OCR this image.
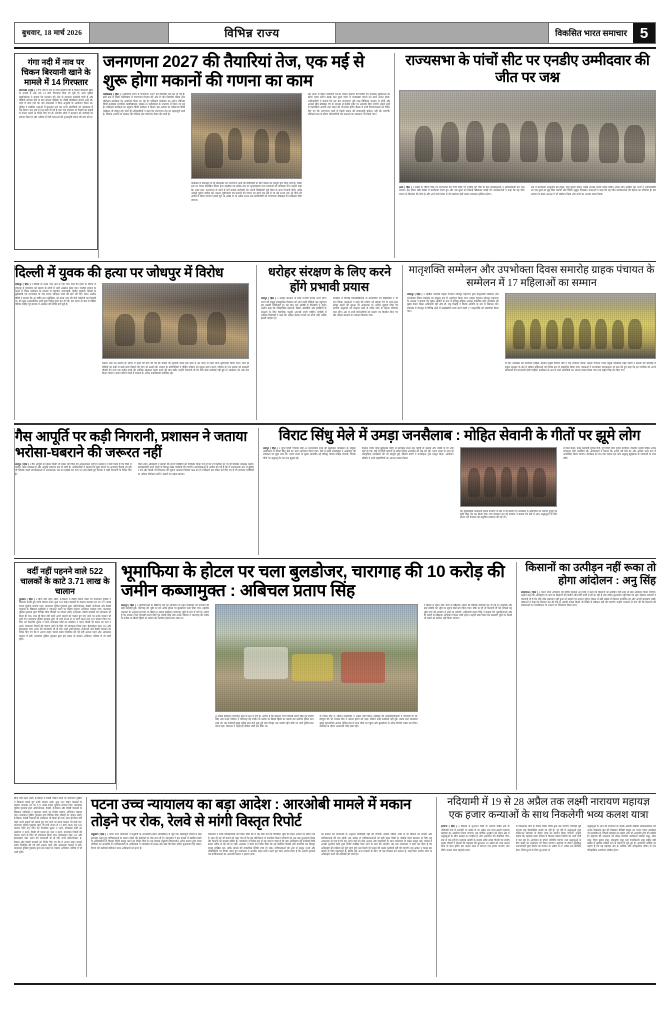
बुधवार, 18 मार्च 2026	विभिन्न राज्य	विकसित भारत समाचार 5
गंगा नदी में नाव पर चिकन बिरयानी खाने के मामले में 14 गिरफ्तार
वाराणसी ( हिस ) । गंगा नदी में नाव पर रील इत्यादि नदी में चिकन बिरयानी खाने के मामले में अब तक 14 लोग गिरफ्तार किए जा चुके हैं। अपर पुलिस महानिदेशक ने बताया कि प्रशासन की ओर से लगातार कार्रवाई जारी है और वीडियो वायरल होने के बाद सोशल मीडिया पर तीखी प्रतिक्रिया सामने आई थी। जांच में पाया गया कि नाव संचालकों ने बिना अनुमति के आयोजन किया था। पुलिस ने संबंधित धाराओं में मुकदमा दर्ज कर सभी आरोपियों को न्यायालय में पेश किया। घाट क्षेत्र में गश्त बढ़ा दी गई है तथा नाव संचालन के नियमों का कड़ाई से पालन कराने के निर्देश दिए गए हैं। स्थानीय लोगों ने प्रशासन की कार्रवाई का स्वागत किया है और भविष्य में ऐसी घटनाओं की पुनरावृत्ति रोकने की मांग की है।
जनगणना 2027 की तैयारियां तेज, एक मई से शुरू होगा मकानों की गणना का काम
फरीदाबाद ( हिस ) । हरियाणा राज्य में जनगणना 2027 की तैयारियां तेज कर दी गई हैं। इसी क्रम में जिला फरीदाबाद में जनगणना विभाग की ओर से तीन दिवसीय फील्ड ट्रेनर प्रशिक्षण कार्यक्रम का आयोजन किया जा रहा है। प्रशिक्षण कार्यक्रम का आरंभ सीनियर डिप्टी कलेक्टर राजकीय महाविद्यालय, सेक्टर-16 फरीदाबाद के सभागार में किया जा रहा है। प्रशिक्षण कार्यक्रम का उद्घाटन डिप्टी कमिश्नर ने किया। इस अवसर पर एडीशनल डिप्टी कमिश्नर भी मौजूद रहे। दोनों ही अधिकारियों ने कहा कि जनगणना देश का महत्वपूर्ण कार्य है, जिसके आधार पर सरकार की नीतियां और योजनाएं तैयार की जाती हैं।
कार्यक्रम में प्रशिक्षण ले रहे प्रशिक्षकों को जनगणना कार्य की बारीकियों के लिए फील्ड का सम्पूर्ण ज्ञान दिया जाएगा। जिला स्तर पर तैनात प्रशिक्षित फील्ड ट्रेनर तहसील एवं ब्लॉक स्तर पर सुपरवाइजर तथा प्रगणकों को प्रशिक्षण देंगे। उन्होंने कहा कि आज प्रात: जनगणना के कार्य में लगे प्रत्येक कर्मचारी को अपनी जिम्मेदारी पूरी निष्ठा के साथ निभानी होगी, ताकि आंकड़े पूर्णतः सटीक रहें। मकान सूचीकरण एवं मकानों की गणना का कार्य एक मई से 30 मई 2026 तक 30 दिनों की अवधि में किया जाएगा। इससे पूर्व 16 अप्रैल से 30 अप्रैल 2026 तक कर्मचारियों को जनगणना मोबाइल ऐप प्रशिक्षण दिया जाएगा।
मई 2026 में दौरान कर्मचारी घर-घर जाकर मकानों की स्थिति एवं उपलब्ध सुविधाओं का ब्योरा एकत्र करेंगे। इसके बाद दूसरे चरण में जनसंख्या गणना का कार्य आरंभ होगा। अधिकारियों ने बताया कि इस बार जनगणना पूरी तरह डिजिटल माध्यम से होगी और आंकड़े सीधे मोबाइल ऐप के माध्यम से केंद्रीय सर्वर पर अपलोड किए जाएंगे। इससे कार्य में पारदर्शिता आएगी तथा समय की भी बचत होगी। बैठक में सभी विभागाध्यक्षों को निर्देश दिए गए कि जनगणना कार्य में किसी प्रकार की लापरवाही बर्दाश्त नहीं की जाएगी। प्रशिक्षण सत्र के दौरान प्रतिभागियों की शंकाओं का समाधान भी किया गया।
राज्यसभा के पांचों सीट पर एनडीए उम्मीदवार की जीत पर जश्न
आरा ( हिस ) । प्रखंड के चौरंगा चौक पर राज्यसभा की पांचों सीटों पर एनडीए की जीत के बाद कार्यकर्ताओं ने आतिशबाजी कर जश्न मनाया। इस दौरान बड़ी संख्या में कार्यकर्ता एकत्र हुए और एक-दूसरे को मिठाई खिलाकर बधाई दी। कार्यकर्ताओं ने कहा कि यह जीत जनता के विश्वास की जीत है और आने वाले समय में भी गठबंधन इसी प्रकार सफलता हासिल करेगा।
जश्न में कार्यकर्ता आशुतोष झा राहुल, राजू कुमार यादव, प्रखंड अध्यक्ष संजय यादव सहित अनेक लोग शामिल रहे। सभी ने आतिशबाजी कर एक-दूसरे का मुंह मीठा कराया और विजय जुलूस निकाला। वक्ताओं ने कहा कि यह जीत कार्यकर्ताओं की मेहनत का परिणाम है। इस अवसर पर मंडल अध्यक्ष ने भी संबोधन किया और सभी का आभार प्रकट किया।
दिल्ली में युवक की हत्या पर जोधपुर में विरोध
जोधपुर ( हिस ) । दिल्ली के उत्तम नगर क्षेत्र में एक चाय वाले की हत्या के विरोध में जोधपुर में मंगलवार को समाज के लोगों में भारी आक्रोश देखा गया। चालीस समाज के नेतृत्व में जिला कलेक्टर के माध्यम से राष्ट्रपति, प्रधानमंत्री, केंद्रीय गृहमंत्री, दिल्ली के मुख्यमंत्री एवं राज्यपाल के नाम ज्ञापन सौंपकर न्याय की मांग की गई। चारंद अशोक खींची ने बताया कि 26 वर्षीय रतन चुडेलिया, जो उत्तम नगर की जेजे कॉलोनी का निवासी था, की कुछ असामाजिक तत्वों द्वारा निर्मम हत्या कर दी गई। इस घटना के बाद से पीड़ित परिवार सहित पूरे समाज में आक्रोश की स्थिति बनी हुई है।
समाज और नेम समाज है। ज्ञापन में हत्या की मांग की गई कि मामले की सुनवाई फास्ट ट्रैक कोर्ट में कर जल्द से जल्द न्याय सुनिश्चित किया जाए। साथ ही दोषियों को कड़ी से कड़ी सजा दिलाने की मांग भी उठाई गई। समाज के प्रतिनिधियों ने पीड़ित परिवार को सुरक्षा प्रदान करने, परिवार के एक सदस्य को सरकारी नौकरी देने तथा एक करोड़ रुपये की आर्थिक सहायता प्रदान करने की मांग रखी। उन्होंने चेतावनी दी कि यदि शीघ्र कार्रवाई नहीं हुई तो आंदोलन को और तेज किया जाएगा। ज्ञापन सौंपने वालों में समाज के अनेक पदाधिकारी उपस्थित रहे।
धरोहर संरक्षण के लिए करने होंगे प्रभावी प्रयास
जयपुर ( हिस ) । धरोहर संरक्षण के लिए प्रभावी प्रयास करने होंगे। राज्य की समृद्ध सांस्कृतिक विरासत को आने वाली पीढ़ियों तक पहुंचाना हम सबकी जिम्मेदारी है। यह बात एक संगोष्ठी में विशेषज्ञों ने कही। उन्होंने कहा कि ऐतिहासिक इमारतों, किलों, बावड़ियों और हवेलियों के संरक्षण के लिए वैज्ञानिक पद्धति अपनाई जानी चाहिए। संगोष्ठी में शामिल विशेषज्ञों ने कहा कि धरोहर केवल पत्थरों का ढांचा नहीं, बल्कि हमारी पहचान है।
कार्यक्रम में विभिन्न विश्वविद्यालयों के शोधार्थियों एवं विद्यार्थियों ने भी भाग लिया। वक्ताओं ने कहा कि पर्यटन को बढ़ावा देने के साथ-साथ धरोहर स्थलों की सुरक्षा भी आवश्यक है। उन्होंने सुझाव दिया कि स्थानीय समुदायों को संरक्षण कार्य से जोड़ा जाए तो बेहतर परिणाम प्राप्त होंगे। अंत में सभी प्रतिभागियों को प्रमाण पत्र वितरित किए गए और धरोहर संरक्षण का संकल्प दिलाया गया।
मातृशक्ति सम्मेलन और उपभोक्ता दिवस समारोह ग्राहक पंचायत के सम्मेलन में 17 महिलाओं का सम्मान
जोधपुर ( हिस ) । अखिल भारतीय ग्राहक पंचायत जोधपुर महानगर द्वारा मातृशक्ति सम्मेलन और उपभोक्ता दिवस समारोह का संयुक्त रूप से आयोजन किया गया। ग्राहक पंचायत जोधपुर महानगर के अध्यक्ष ने बताया कि मुख्य अतिथि के रूप में प्रसिद्ध महिला अध्यक्ष उपस्थित रहीं। कार्यक्रम की मुख्य वक्ता शिक्षा अधिकारी रहीं और डॉ. मधु विश्नोई ने विशेष अतिथि के रूप में शिरकत की। समारोह में जोधपुर में विभिन्न क्षेत्रों में उल्लेखनीय कार्य करने वाली 17 मातृशक्ति को सम्मानित किया गया।
दी गई। कार्यक्रम की संयोजक महिला आयाम प्रमुख विनीता गौड़ ने मंच संचालन किया। ग्राहक पंचायत प्रचार प्रमुख एडवोकेट महेंद्र जोशी ने बताया कि समारोह में ग्राहक संरक्षण के क्षेत्र में सक्रिय महिलाओं को विशेष रूप से सम्मानित किया गया। वक्ताओं ने उपभोक्ता जागरूकता पर बल देते हुए कहा कि हर नागरिक को अपने अधिकारों की जानकारी होनी चाहिए। कार्यक्रम के अंत में सभी अतिथियों का आभार व्यक्त किया गया तथा स्मृति चिह्न भेंट किए गए।
गैस आपूर्ति पर कड़ी निगरानी, प्रशासन ने जताया भरोसा-घबराने की जरूरत नहीं
जयपुर ( हिस ) । गैस आपूर्ति को लेकर किसी भी प्रकार की चिंता की आवश्यकता नहीं है। प्रशासन ने स्पष्ट किया है कि जिले में पर्याप्त भंडार उपलब्ध है और आपूर्ति सामान्य रूप से जारी है। अधिकारियों ने बताया कि कुछ स्थानों पर अफवाह फैलाई जा रही थी जिसके चलते उपभोक्ताओं में अनावश्यक भय का माहौल बन गया था। इसे देखते हुए विभाग ने कड़ी निगरानी के निर्देश दिए हैं।
जिला रसद अधिकारी ने बताया कि सभी एजेंसियों को निर्देशित किया गया है कि वे निर्धारित दर पर ही सिलेंडर उपलब्ध कराएं। कालाबाजारी करने वालों के विरुद्ध सख्त कार्रवाई की जाएगी। उपभोक्ताओं से अपील की गई है कि वे अनावश्यक रूप से बुकिंग न करें और किसी भी शिकायत की सूचना तत्काल नियंत्रण कक्ष को दें। निरीक्षण दल गठित कर दिए गए हैं जो लगातार एजेंसियों का औचक निरीक्षण करेंगे। भंडारों का महत्व बताया।
विराट सिंधु मेले में उमड़ा जनसैलाब : मोहित सेवानी के गीतों पर झूमे लोग
जयपुर ( हिस ) । पूज्य सिंधी पंचायत सेवा-12 मानसरोवर सभा की झूलेलाल फाउंडेशन के संयुक्त तत्वावधान में विराट सिंधु मेले का भव्य आयोजन किया गया। मेले में उमड़े जनसैलाब ने आयोजन की सफलता पर मुहर लगा दी। भजन संध्या के मुख्य आकर्षण रहे प्रसिद्ध गायक मोहित सेवानी, जिनके गीतों पर श्रद्धालु देर रात तक झूमते रहे।
विशाल ज्योत यात्रा झूलेलाल मंदिर से कार्यक्रम स्थल तक पहुंची तो उत्साह और भक्ति के रंग और गहरे हो गए। मेले में सिंधी व्यंजनों के स्टॉल विशेष आकर्षण का केंद्र बने रहे। भजन संध्या के साथ ही सांस्कृतिक कार्यक्रमों की भी प्रस्तुति हुई, जिसमें बच्चों ने मनमोहक नृत्य प्रस्तुत किए। आयोजन समिति ने सभी सहयोगियों का आभार व्यक्त किया।
एक हाइलाइटेड कार्यकर्ता इसके उपयोग के बारे में जानकारी दी। कार्यक्रम में अतिथियों का स्वागत दुपट्टा एवं स्मृति चिह्न भेंट कर किया गया। मंच संचालन कर रहे प्रवक्ता ने बताया कि मेले में आए श्रद्धालुओं के लिए भोजन एवं पेयजल की समुचित व्यवस्था की गई थी।
रत्नचल मेहरा, प्रदेश महामंत्री सुनील मैनी, पूर्व डिप्टी मेयर पुनीत कर्णावट, पेयरमैन भारती सहित अनेक गणमान्य लोग उपस्थित रहे। आयोजकों ने बताया कि अगले वर्ष मेले को और अधिक भव्य रूप में आयोजित किया जाएगा। कार्यक्रम देर रात तक चलता रहा और श्रद्धालु झूलेलाल के जयकारों के साथ लौटे।
वर्दी नहीं पहनने वाले 522 चालकों के काटे 3.71 लाख के चालान
गुरुग्राम ( हिस ) । बिना वर्दी पहने ऑटो, ई-रिक्शा व टैक्सी चलाने वालों पर यातायात पुलिस ने शिकंजा कसते हुए उनके चालान काटे। कुल 522 वाहन चालकों के चालान काटकर उन पर 3.71 लाख रुपया जुर्माना लगाया गया। यातायात पुलिस गुरुग्राम द्वारा ऑटो-रिक्शा, टैक्सी, ई-रिक्शा और टैक्सी चालकों के खिलाफ वर्दीकोड न पहनकर चलने पर विशेष चालान अभियान चलाया गया। यातायात पुलिस गुरुग्राम द्वारा विभिन्न चौक चौराहों पर जाकर ऑटो, ई-रिक्शा, टैक्सी चालकों को जागरूक भी किया ही गया, साथ ही बिना वर्दी पहने अपने वाहनों को चलाते हुए पाए जाने पर उनके चालान भी काटे गए। यातायात पुलिस गुरुग्राम द्वारा भी मार्च 2026 से 15 मार्च 2026 तक 522 चालान किए गए, जिन का निधारित शुल्क न भरने, प्रोफाइल फॉर्म का उल्लंघन न करने, किसी भी प्रकार का नशा न करने, यातायात नियमों की पालना करने के लिए भी जागरूक किया गया। हेल्पलाइन नंबर 112 और हेल्पलाइन नंबर 1095 की जानकारी भी दी गई। सभी ऑटो-रिक्शा, ई-रिक्शा और टैक्सी चालकों को निर्देश दिए गए कि वे अपना वाहन चलाते समय निर्धारित की गई वर्दी अवश्य पहनें और आवश्यक चालान में बचें। यातायात पुलिस गुरुग्राम द्वारा इस प्रकार के चालान अभियान भविष्य में भी जारी रहेंगे।
भूमाफिया के होटल पर चला बुलडोजर, चारागाह की 10 करोड़ की जमीन कब्जामुक्त : अबिचल प्रताप सिंह
कानपुर ( हिस ) । भूमाफियाओं के खिलाफ चल रहे अभियान के तहत मंगलवार को प्रशासन की बड़ी कार्रवाई हुई। चारागाह की भूमि पर बने अवैध होटल पर बुलडोजर चला दिया गया। तहसील प्रशासन के अनुसार लगभग 56 बिस्वा (1.6800 हेक्टेयर) चारागाह भूमि के रूप में दर्ज है। आरोप है कि कोरमन नगर निवासी प्रताप सिंह पुत्र संतोष सिंह और उनके परिवार ने चारागाह की जमीन के करीब 56 बिस्वा हिस्से पर कब्जा कर कर्मचंद होटल बना रखा था।
(1.6800 हेक्टेयर) चारागाह भूमि के रूप में दर्ज है। आरोप है कि कोरमन नगर निवासी प्रताप सिंह पुत्र संतोष सिंह और उनके परिवार ने चारागाह की जमीन के करीब 56 बिस्वा हिस्से पर कब्जा कर कर्मचंद होटल बना रखा था। यह कार्रवाई सुबह करीब सात बजे शुरू हुई और दोपहर तक चलती रही। मौके पर भारी पुलिस बल तैनात रहा। प्रशासन ने पहले ही नोटिस जारी कर दिया था।
के निर्देश दिए थे, लेकिन कब्जेदारों ने अमल नहीं किया। तहसील की उपजिलाधिकारी ने चेतावनी दी थी, मौजूदा की भी राजस्व टीम ने कब्जा हटाने को कहा, लेकिन कोई कार्रवाई नहीं हुई। इसके बाद मंगलवार सुबह प्रशासनिक अमला पुलिस बल के साथ मौके पर पहुंचा और बुलडोजर से अवैध निर्माण ध्वस्त कर दिया। कार्रवाई के दौरान आसपास भीड़ जमा रही।
ने हिस्सा में लेकर जेल भेजा के खिलाफ अमल की विधिक कार्रवाई कर दी गई है। कार्रवाई और ग्राम समिति की भूमि पर सूचना बोर्ड लगा दिया गया। मौके पर ही तो चेतावनी दी गई, जिससे यह भूमि पांच की उपयोग में लाई जा सकेगी। अधिकारी प्रताप सिंह ने बताया कि भूमाफियाओं और गैर दबंगों के खिलाफ अभियान निरंतर जारी रहेगा। उन्होंने स्पष्ट किया कि सरकारी भूमि पर किसी भी कब्जे को बर्दाश्त नहीं किया जाएगा।
किसानों का उत्पीड़न नहीं रूका तो होगा आंदोलन : अनु सिंह
प्रयागराज ( हिस ) । भारत न्याय अभियान की राष्ट्रीय प्रवक्ता अनु सिंह ने कहा कि किसानों का उत्पीड़न नहीं रुका तो बड़ा आंदोलन किया जाएगा। उन्होंने कहा कि अधिग्रहण के नाम पर किसानों की जमीनें औने-पौने दामों में ली जा रही हैं और उचित मुआवजा नहीं दिया जा रहा। किसान संगठनों ने चेतावनी दी है कि यदि शीघ्र समाधान नहीं हुआ तो सड़कों पर उतरना पड़ेगा। बैठक में बड़ी संख्या में किसान उपस्थित रहे और अपनी समस्याएं रखीं। वक्ताओं ने कहा कि किसान देश की रीढ़ है, उसकी उपेक्षा किसी भी स्थिति में स्वीकार नहीं की जाएगी। उन्होंने प्रशासन से मांग की कि किसानों की समस्याओं का प्राथमिकता के आधार पर निस्तारण किया जाए।
बिना वर्दी पहने ऑटो, ई-रिक्शा व टैक्सी चलाने वालों पर यातायात पुलिस ने शिकंजा कसते हुए उनके चालान काटे। कुल 522 वाहन चालकों के चालान काटकर उन पर 3.71 लाख रुपया जुर्माना लगाया गया। यातायात पुलिस गुरुग्राम द्वारा ऑटो-रिक्शा, टैक्सी, ई-रिक्शा और टैक्सी चालकों के खिलाफ वर्दीकोड न पहनकर चलने पर विशेष चालान अभियान चलाया गया। यातायात पुलिस गुरुग्राम द्वारा विभिन्न चौक चौराहों पर जाकर ऑटो, ई-रिक्शा, टैक्सी चालकों को जागरूक भी किया ही गया, साथ ही बिना वर्दी पहने अपने वाहनों को चलाते हुए पाए जाने पर उनके चालान भी काटे गए। यातायात पुलिस गुरुग्राम द्वारा भी मार्च 2026 से 15 मार्च 2026 तक 522 चालान किए गए, जिन का निधारित शुल्क न भरने, प्रोफाइल फॉर्म का उल्लंघन न करने, किसी भी प्रकार का नशा न करने, यातायात नियमों की पालना करने के लिए भी जागरूक किया गया। हेल्पलाइन नंबर 112 और हेल्पलाइन नंबर 1095 की जानकारी भी दी गई। सभी ऑटो-रिक्शा, ई-रिक्शा और टैक्सी चालकों को निर्देश दिए गए कि वे अपना वाहन चलाते समय निर्धारित की गई वर्दी अवश्य पहनें और आवश्यक चालान में बचें। यातायात पुलिस गुरुग्राम द्वारा इस प्रकार के चालान अभियान भविष्य में भी जारी रहेंगे।
पटना उच्च न्यायालय का बड़ा आदेश : आरओबी मामले में मकान तोड़ने पर रोक, रेलवे से मांगी विस्तृत रिपोर्ट
मधुबनी ( हिस ) । पटना उच्च न्यायालय ने मधुबनी के आरओबी (रेलवे ओवरब्रिज) से जुड़े एक महत्वपूर्ण मामले में बड़ा हस्तक्षेप करते हुए याचिकाकर्ता के मकान तोड़ने की कार्रवाई पर रोक लगा दी है। न्यायालय ने इस मामले में संबंधित रेलवे के अधिकारियों से विस्तृत रिपोर्ट प्रस्तुत करने का निर्देश दिया है। यह मामला मधुबनी जिलान्तर्गत अनेक मकान द्वारा दायर याचिका पर आधारित है। याचिकाकर्ता के अधिवक्ता ने न्यायालय के समक्ष तर्क रखा कि बिना उचित मुआवजा दिए मकान गिराने की कार्रवाई संविधान प्रदत्त अधिकारों का हनन है।
न्यायालय ने रेलवे प्राधिकारियों को निर्देश दिया कि वे यह स्पष्ट करें कि विवादित भूमि की किस आधार पर लिया गया है। साथ ही यह भी बताने को कहा गया है कि इस परियोजना से प्रभावित कितने परिवारों को अब तक मुआवजा मिला और कितनों का मामला लंबित है। न्यायालय ने विशेष रूप से यह जानना चाहा है कि क्या अधिग्रहण की कार्रवाई विधि सम्मत तरीके से की गई या नहीं। अदालत ने रेलवे को निर्देश दिया कि वह संबंधित रिकॉर्ड और मानचित्र मय विस्तृत जवाब दाखिल करे, ताकि मामले की वास्तविक स्थिति स्पष्ट हो सके। याचिकाकर्ता की ओर से प्रस्तुत तथ्यों और परिस्थितियों पर विचार करते हुए न्यायालय ने अंतरिम राहत प्रदान करते हुए स्पष्ट आदेश दिया है कि अगली सुनवाई तक याचिकाकर्ता का अस्थायी मकान न हटाया जाए।
श्री प्रकाश की जानकारी के अनुसार कार्यवाही नहीं की जाएगी। इसका नोटिस अभी से भी मिलना जा सकेगा और याचिकाकर्ता की राय रहेगी। इस आदेश से याचिकाकर्ताओं को बड़ी राहत मिली है, जबकि रेलवे प्रशासन के लिए यह आवश्यक हो गया है कि वह अपने दावे को ठोस आधार और दस्तावेजों के साथ न्यायालय के समक्ष प्रस्तुत करे। मामले में अगली सुनवाई रेलवे द्वारा रिपोर्ट दाखिल किए जाने के बाद की जाएगी। तब तक न्यायालय ने स्पष्ट कर दिया है कि अधिग्रहण की प्रक्रिया को पूरी जांच होने तक किसी भी प्रकार की कठोर कार्रवाई नहीं की जाएगी। यह आदेश न केवल इस मामले के लिए महत्वपूर्ण है, बल्कि ऐसे अन्य मामलों के लिए भी एक मिसाल बन सकता है, जहां बिना पर्याप्त जांच के अधिग्रहण करने की कार्रवाई की जाती है।
नदियामी में 19 से 28 अप्रैल तक लक्ष्मी नारायण महायज्ञ एक हजार कन्याओं के साथ निकलेगी भव्य कलश यात्रा
हरभंगा ( हिस ) । विकास में शुभारंभ जिले के अंतर्गत प्रखंड क्षेत्र के नदियामी गांव में आगामी 19 अप्रैल से 28 अप्रैल तक भव्य लक्ष्मी नारायण महायज्ञ का आयोजन किया जाएगा। इस वार्षिक अनुष्ठान को लेकर क्षेत्र में श्रद्धालुओं के बीच उत्साह का माहौल है और आयोजन की तैयारियां जोर-शोर से चल रही हैं। महायज्ञ कमेटी के सदस्य शांति शास्त्र चौधरी एवं संतोष कुमार चौधरी ने बताया कि महायज्ञ की शुरुआत 19 अप्रैल को भव्य कलश यात्रा के साथ होगी। इस कलश यात्रा में लगभग एक हजार कन्याएं भाग लेंगी। कलश यात्रा महायज्ञ स्थल
से निकलकर तीर्थ के निकट स्थित पवित्र कुंड तक जाएगी, जिसकी दूरी लगभग छह किलोमीटर बताई जा रही है। पूरे वर्ष में श्रद्धालुओं द्वारा पंक्ति-पथ व्यवस्था के दौरान यात्रा का स्वागत किया जाएगा। उन्होंने बताया कि महायज्ञ स्थल परिसर में विशाल पंडाल निर्माण का कार्य तेजी से चल रहा है। आयोजन के दौरान प्रतिदिन प्रवचन तथा श्रद्धालुओं के बीच भंडारे का आयोजन भी किया जाएगा। महायज्ञ के दौरान सुप्रसिद्ध कथावाचकों द्वारा किर्तन का प्रवचन 20 अप्रैल से 27 अप्रैल तक प्रतिदिन होगा, जिसे सुनने के लिए दूर-दराज से
श्रद्धालुओं के आने की संभावना है। इसके अलावा प्रख्यात लोककलाकार एवं अनेक विद्यालय क्षेत्र की विख्यात मैथिली ठाकुर का भजन गायन कार्यक्रम भी प्रस्तावित है, जिससे महायज्ञ का महत्व और भी आकर्षण होने की उम्मीद है। महायज्ञ की सफलता को लेकर स्थानीय कार्यकर्ता रामदेव साहू, रमेश साहू, गौरव कुमार साहू, रामकृष्ण साहू तथा राजकिशोर साहू सहित बड़ी संख्या में ग्रामीण सक्रिय रूप से तैयारी में जुटे हुए हैं। आयोजन समिति का कहना है कि यह महायज्ञ क्षेत्र के धार्मिक और सांस्कृतिक जीवन में एक ऐतिहासिक आयोजन साबित होगा।
